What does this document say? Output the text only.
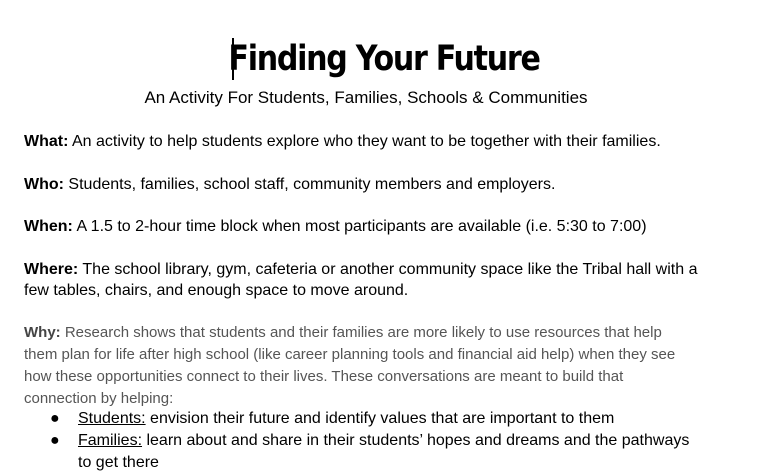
Finding Your Future
An Activity For Students, Families, Schools & Communities
What: An activity to help students explore who they want to be together with their families.
Who: Students, families, school staff, community members and employers.
When: A 1.5 to 2-hour time block when most participants are available (i.e. 5:30 to 7:00)
Where: The school library, gym, cafeteria or another community space like the Tribal hall with a few tables, chairs, and enough space to move around.
Why: Research shows that students and their families are more likely to use resources that help
them plan for life after high school (like career planning tools and financial aid help) when they see
how these opportunities connect to their lives. These conversations are meant to build that
connection by helping:
● Students: envision their future and identify values that are important to them
● Families: learn about and share in their students’ hopes and dreams and the pathways
to get there
